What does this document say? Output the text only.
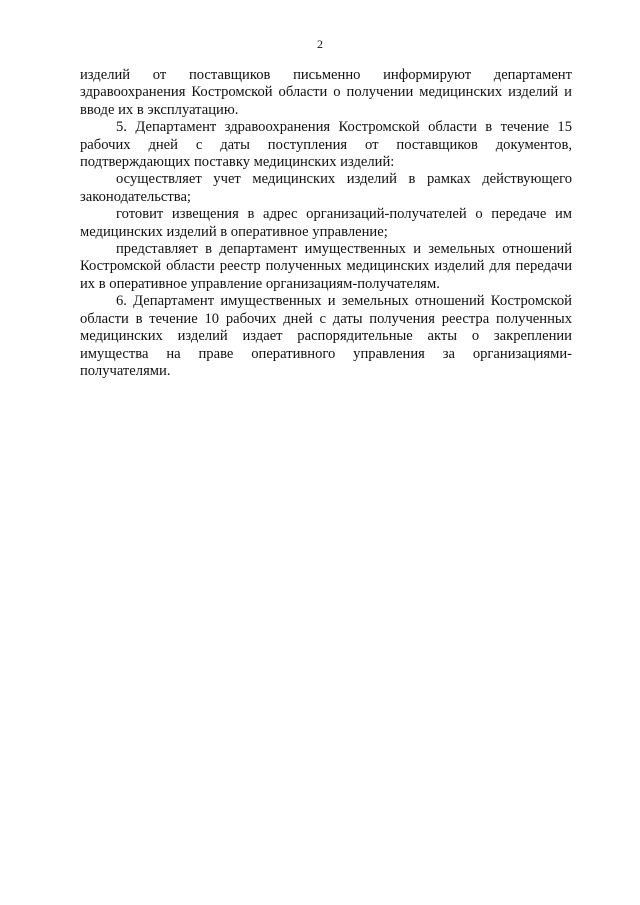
2

изделий от поставщиков письменно информируют департамент здравоохранения Костромской области о получении медицинских изделий и вводе их в эксплуатацию.

5. Департамент здравоохранения Костромской области в течение 15 рабочих дней с даты поступления от поставщиков документов, подтверждающих поставку медицинских изделий:

осуществляет учет медицинских изделий в рамках действующего законодательства;

готовит извещения в адрес организаций-получателей о передаче им медицинских изделий в оперативное управление;

представляет в департамент имущественных и земельных отношений Костромской области реестр полученных медицинских изделий для передачи их в оперативное управление организациям-получателям.

6. Департамент имущественных и земельных отношений Костромской области в течение 10 рабочих дней с даты получения реестра полученных медицинских изделий издает распорядительные акты о закреплении имущества на праве оперативного управления за организациями-получателями.
